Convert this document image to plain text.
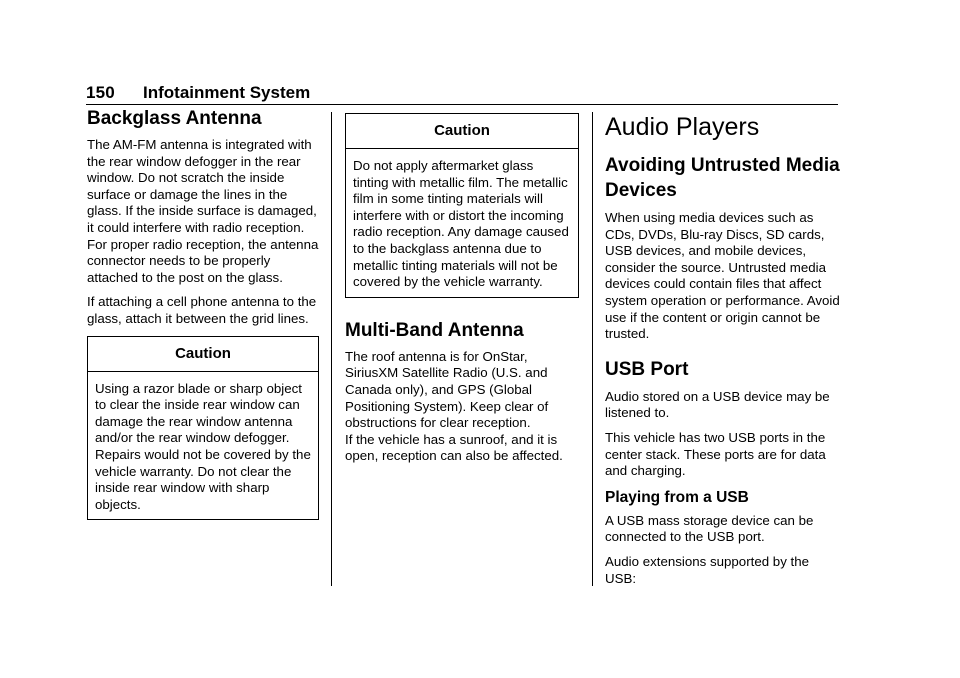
150 Infotainment System
Backglass Antenna

The AM-FM antenna is integrated with the rear window defogger in the rear window. Do not scratch the inside surface or damage the lines in the glass. If the inside surface is damaged, it could interfere with radio reception. For proper radio reception, the antenna connector needs to be properly attached to the post on the glass.

If attaching a cell phone antenna to the glass, attach it between the grid lines.

Caution
Using a razor blade or sharp object to clear the inside rear window can damage the rear window antenna and/or the rear window defogger. Repairs would not be covered by the vehicle warranty. Do not clear the inside rear window with sharp objects.
Caution
Do not apply aftermarket glass tinting with metallic film. The metallic film in some tinting materials will interfere with or distort the incoming radio reception. Any damage caused to the backglass antenna due to metallic tinting materials will not be covered by the vehicle warranty.
Multi-Band Antenna

The roof antenna is for OnStar, SiriusXM Satellite Radio (U.S. and Canada only), and GPS (Global Positioning System). Keep clear of obstructions for clear reception.

If the vehicle has a sunroof, and it is open, reception can also be affected.

Audio Players
Avoiding Untrusted Media Devices

When using media devices such as CDs, DVDs, Blu-ray Discs, SD cards, USB devices, and mobile devices, consider the source. Untrusted media devices could contain files that affect system operation or performance. Avoid use if the content or origin cannot be trusted.

USB Port

Audio stored on a USB device may be listened to.

This vehicle has two USB ports in the center stack. These ports are for data and charging.

Playing from a USB

A USB mass storage device can be connected to the USB port.

Audio extensions supported by the USB:
